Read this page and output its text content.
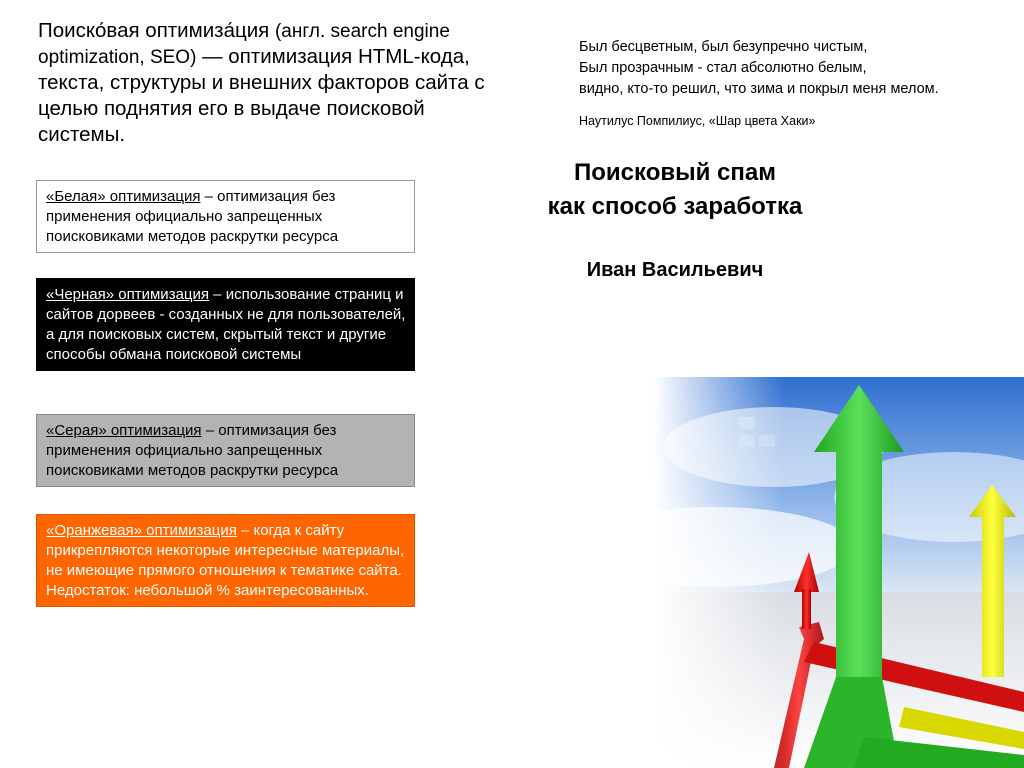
Поиско́вая оптимиза́ция (англ. search engine optimization, SEO) — оптимизация HTML-кода, текста, структуры и внешних факторов сайта с целью поднятия его в выдаче поисковой системы.
«Белая» оптимизация – оптимизация без применения официально запрещенных поисковиками методов раскрутки ресурса
«Черная» оптимизация – использование страниц и сайтов дорвеев - созданных не для пользователей, а для поисковых систем, скрытый текст и другие способы обмана поисковой системы
«Серая» оптимизация – оптимизация без применения официально запрещенных поисковиками методов раскрутки ресурса
«Оранжевая» оптимизация – когда к сайту прикрепляются некоторые интересные материалы, не имеющие прямого отношения к тематике сайта. Недостаток: небольшой % заинтересованных.
Был бесцветным, был безупречно чистым,
Был прозрачным - стал абсолютно белым,
видно, кто-то решил, что зима и покрыл меня мелом.
Наутилус Помпилиус, «Шар цвета Хаки»
Поисковый спам
как способ заработка
Иван Васильевич
